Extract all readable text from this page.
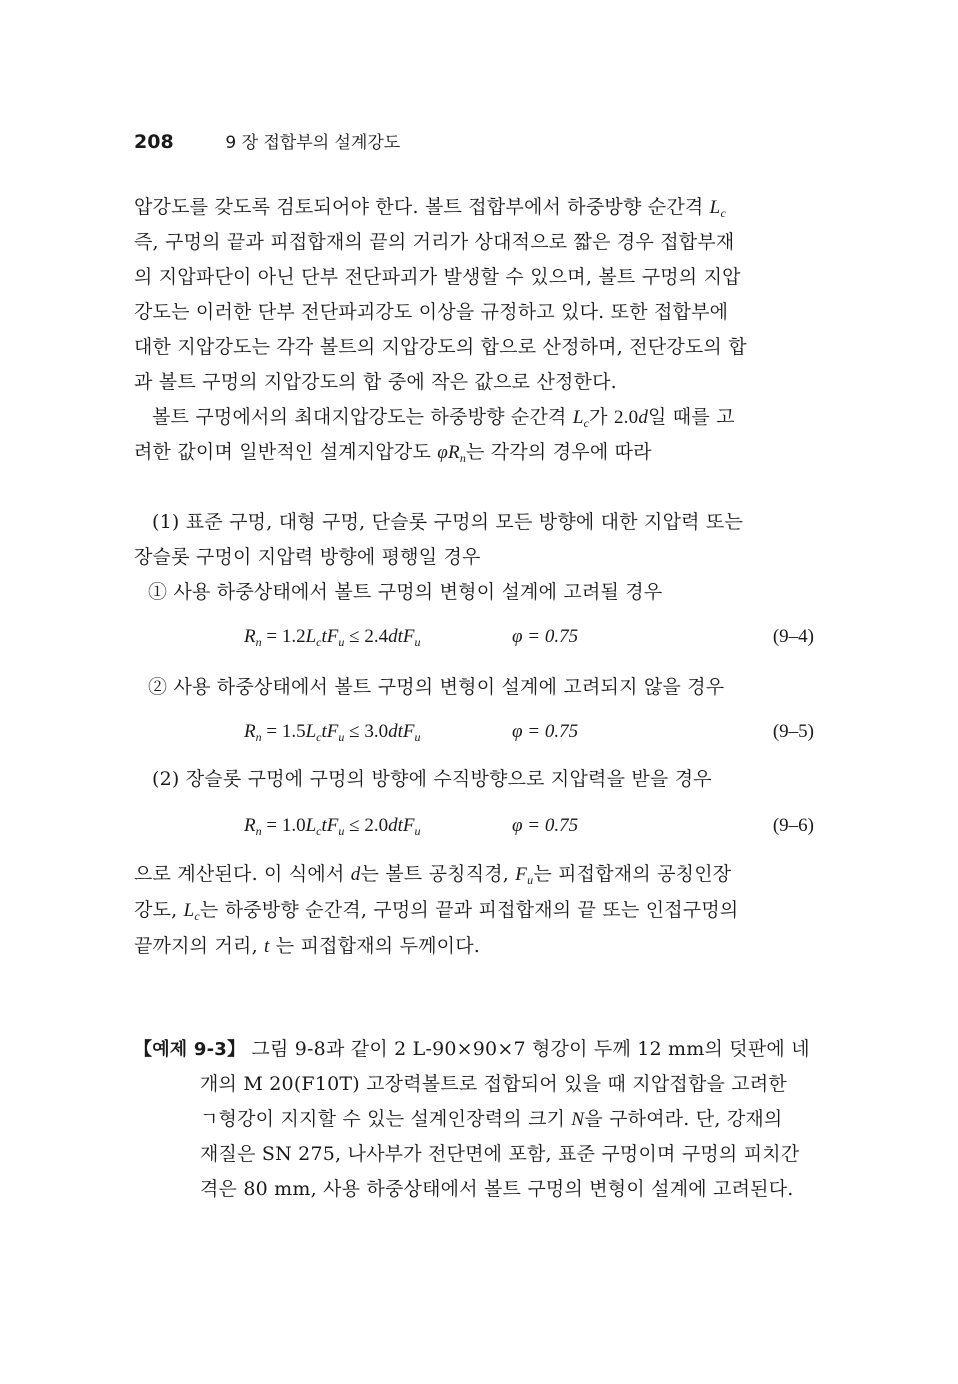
208	9 장 접합부의 설계강도
압강도를 갖도록 검토되어야 한다. 볼트 접합부에서 하중방향 순간격 $L_c$
즉, 구멍의 끝과 피접합재의 끝의 거리가 상대적으로 짧은 경우 접합부재
의 지압파단이 아닌 단부 전단파괴가 발생할 수 있으며, 볼트 구멍의 지압
강도는 이러한 단부 전단파괴강도 이상을 규정하고 있다. 또한 접합부에
대한 지압강도는 각각 볼트의 지압강도의 합으로 산정하며, 전단강도의 합
과 볼트 구멍의 지압강도의 합 중에 작은 값으로 산정한다.
볼트 구멍에서의 최대지압강도는 하중방향 순간격 $L_c$가 2.0d일 때를 고
려한 값이며 일반적인 설계지압강도 $\varphi R_n$는 각각의 경우에 따라
(1) 표준 구멍, 대형 구멍, 단슬롯 구멍의 모든 방향에 대한 지압력 또는
장슬롯 구멍이 지압력 방향에 평행일 경우
① 사용 하중상태에서 볼트 구멍의 변형이 설계에 고려될 경우
$R_n = 1.2L_ctF_u \le 2.4dtF_u$	φ = 0.75	(9–4)
② 사용 하중상태에서 볼트 구멍의 변형이 설계에 고려되지 않을 경우
$R_n = 1.5L_ctF_u \le 3.0dtF_u$	φ = 0.75	(9–5)
(2) 장슬롯 구멍에 구멍의 방향에 수직방향으로 지압력을 받을 경우
$R_n = 1.0L_ctF_u \le 2.0dtF_u$	φ = 0.75	(9–6)
으로 계산된다. 이 식에서 d는 볼트 공칭직경, $F_u$는 피접합재의 공칭인장
강도, $L_c$는 하중방향 순간격, 구멍의 끝과 피접합재의 끝 또는 인접구멍의
끝까지의 거리, t 는 피접합재의 두께이다.
【예제 9-3】 그림 9-8과 같이 2 L-90×90×7 형강이 두께 12 mm의 덧판에 네
개의 M 20(F10T) 고장력볼트로 접합되어 있을 때 지압접합을 고려한
ㄱ형강이 지지할 수 있는 설계인장력의 크기 N을 구하여라. 단, 강재의
재질은 SN 275, 나사부가 전단면에 포함, 표준 구멍이며 구멍의 피치간
격은 80 mm, 사용 하중상태에서 볼트 구멍의 변형이 설계에 고려된다.
